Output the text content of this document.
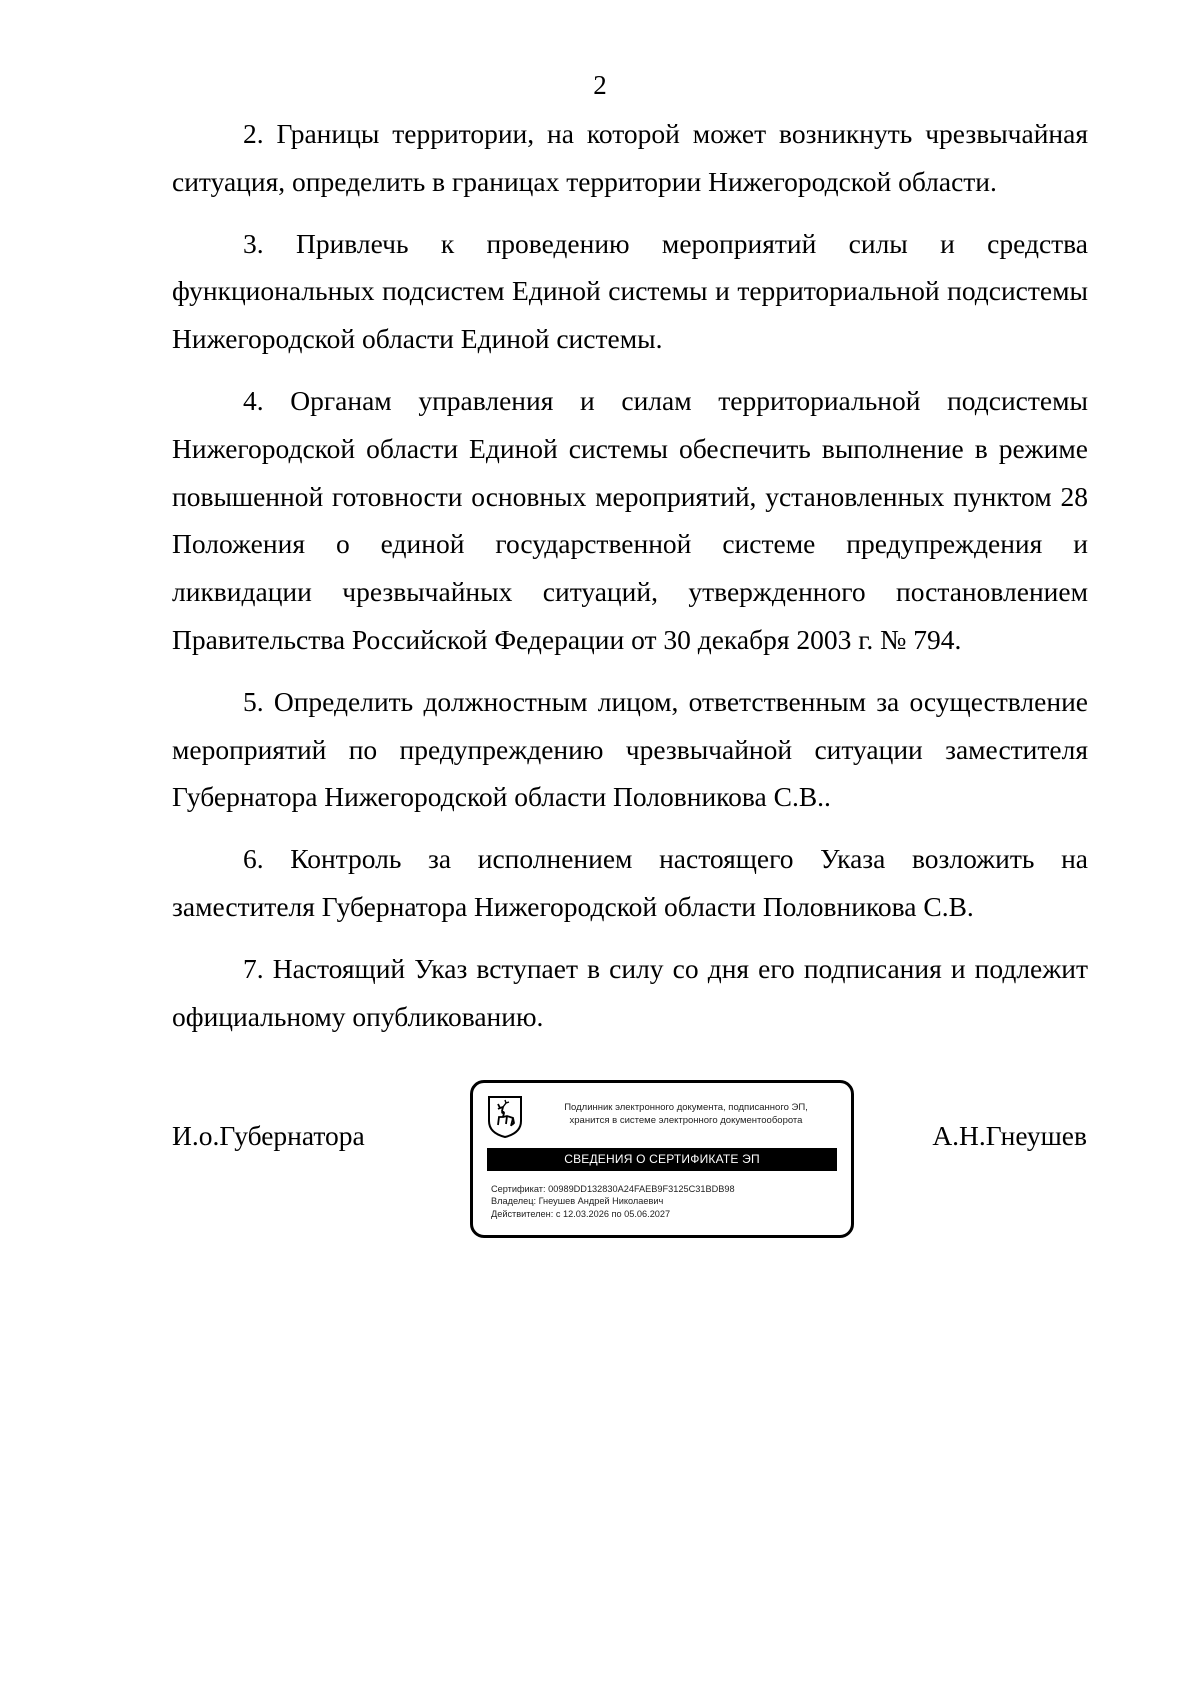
2

2. Границы территории, на которой может возникнуть чрезвычайная ситуация, определить в границах территории Нижегородской области.

3. Привлечь к проведению мероприятий силы и средства функциональных подсистем Единой системы и территориальной подсистемы Нижегородской области Единой системы.

4. Органам управления и силам территориальной подсистемы Нижегородской области Единой системы обеспечить выполнение в режиме повышенной готовности основных мероприятий, установленных пунктом 28 Положения о единой государственной системе предупреждения и ликвидации чрезвычайных ситуаций, утвержденного постановлением Правительства Российской Федерации от 30 декабря 2003 г. № 794.

5. Определить должностным лицом, ответственным за осуществление мероприятий по предупреждению чрезвычайной ситуации заместителя Губернатора Нижегородской области Половникова С.В..

6. Контроль за исполнением настоящего Указа возложить на заместителя Губернатора Нижегородской области Половникова С.В.

7. Настоящий Указ вступает в силу со дня его подписания и подлежит официальному опубликованию.

И.о.Губернатора
Подлинник электронного документа, подписанного ЭП,
хранится в системе электронного документооборота
СВЕДЕНИЯ О СЕРТИФИКАТЕ ЭП
Сертификат: 00989DD132830A24FAEB9F3125C31BDB98
Владелец: Гнеушев Андрей Николаевич
Действителен: с 12.03.2026 по 05.06.2027
А.Н.Гнеушев
